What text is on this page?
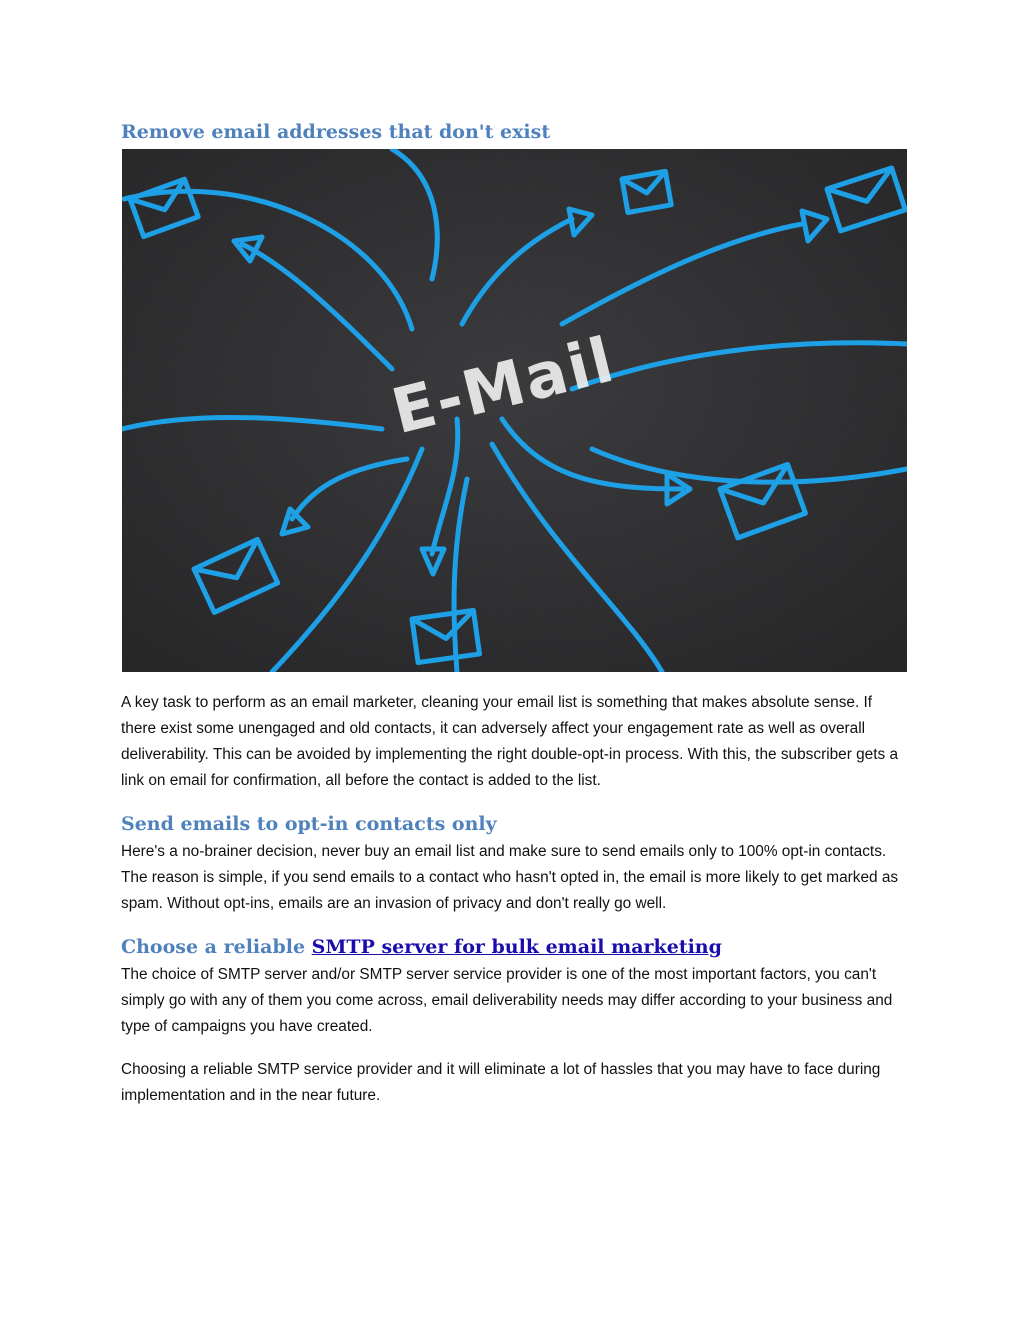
Remove email addresses that don't exist
E-Mail

A key task to perform as an email marketer, cleaning your email list is something that makes absolute sense. If there exist some unengaged and old contacts, it can adversely affect your engagement rate as well as overall deliverability. This can be avoided by implementing the right double-opt-in process. With this, the subscriber gets a link on email for confirmation, all before the contact is added to the list.

Send emails to opt-in contacts only

Here's a no-brainer decision, never buy an email list and make sure to send emails only to 100% opt-in contacts. The reason is simple, if you send emails to a contact who hasn't opted in, the email is more likely to get marked as spam. Without opt-ins, emails are an invasion of privacy and don't really go well.

Choose a reliable SMTP server for bulk email marketing

The choice of SMTP server and/or SMTP server service provider is one of the most important factors, you can't simply go with any of them you come across, email deliverability needs may differ according to your business and type of campaigns you have created.

Choosing a reliable SMTP service provider and it will eliminate a lot of hassles that you may have to face during implementation and in the near future.
